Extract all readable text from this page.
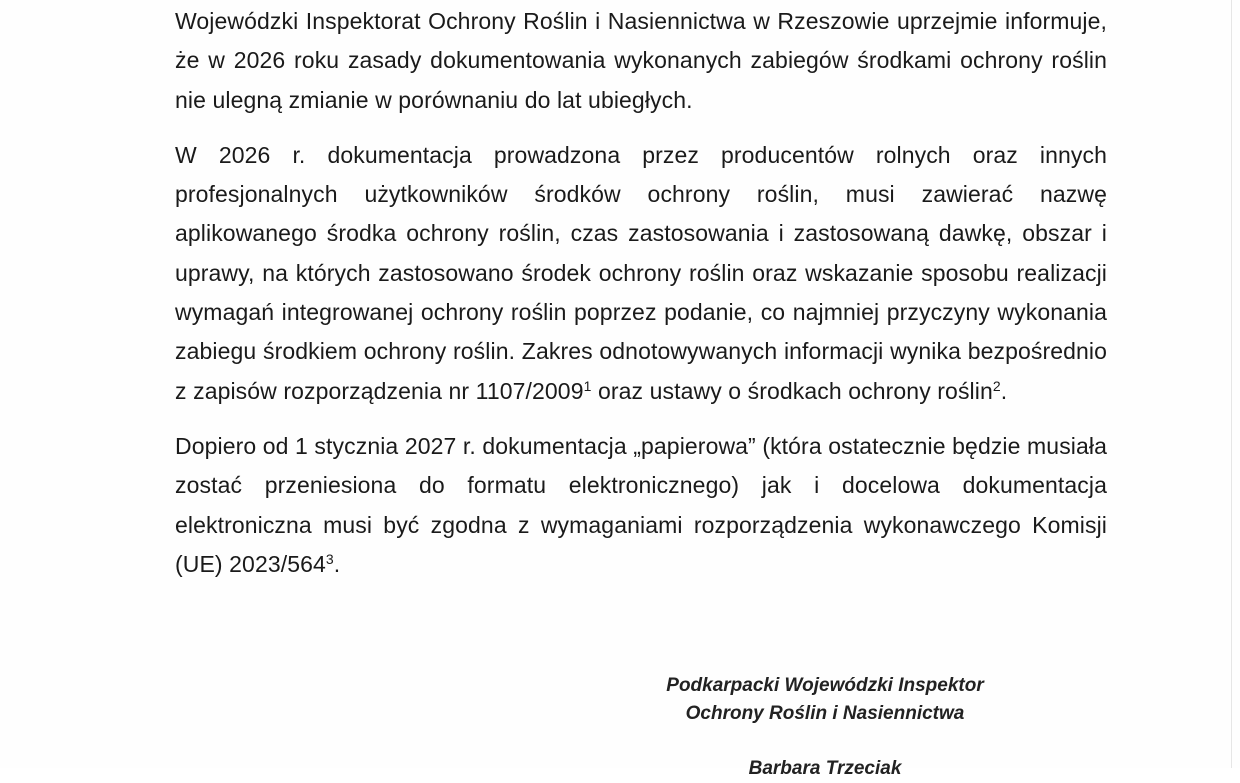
Wojewódzki Inspektorat Ochrony Roślin i Nasiennictwa w Rzeszowie uprzejmie informuje, że w 2026 roku zasady dokumentowania wykonanych zabiegów środkami ochrony roślin nie ulegną zmianie w porównaniu do lat ubiegłych.

W 2026 r. dokumentacja prowadzona przez producentów rolnych oraz innych profesjonalnych użytkowników środków ochrony roślin, musi zawierać nazwę aplikowanego środka ochrony roślin, czas zastosowania i zastosowaną dawkę, obszar i uprawy, na których zastosowano środek ochrony roślin oraz wskazanie sposobu realizacji wymagań integrowanej ochrony roślin poprzez podanie, co najmniej przyczyny wykonania zabiegu środkiem ochrony roślin. Zakres odnotowywanych informacji wynika bezpośrednio z zapisów rozporządzenia nr 1107/2009$^1$ oraz ustawy o środkach ochrony roślin$^2$.

Dopiero od 1 stycznia 2027 r. dokumentacja „papierowa” (która ostatecznie będzie musiała zostać przeniesiona do formatu elektronicznego) jak i docelowa dokumentacja elektroniczna musi być zgodna z wymaganiami rozporządzenia wykonawczego Komisji (UE) $2023/564^3$.

Podkarpacki Wojewódzki Inspektor
Ochrony Roślin i Nasiennictwa
Barbara Trzeciak
